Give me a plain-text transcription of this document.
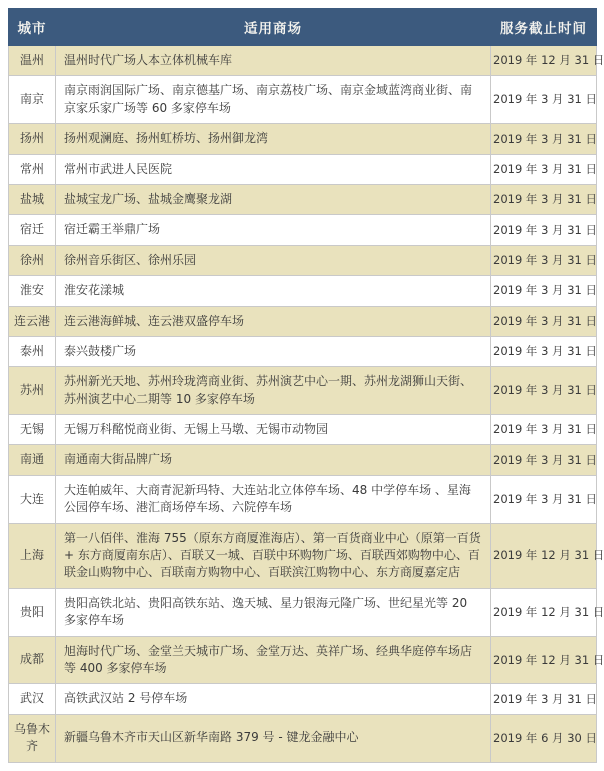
城市	适用商场	服务截止时间
温州	温州时代广场人本立体机械车库	2019 年 12 月 31 日
南京	南京雨润国际广场、南京德基广场、南京荔枝广场、南京金域蓝湾商业街、南京家乐家广场等 60 多家停车场	2019 年 3 月 31 日
扬州	扬州观澜庭、扬州虹桥坊、扬州御龙湾	2019 年 3 月 31 日
常州	常州市武进人民医院	2019 年 3 月 31 日
盐城	盐城宝龙广场、盐城金鹰聚龙湖	2019 年 3 月 31 日
宿迁	宿迁霸王举鼎广场	2019 年 3 月 31 日
徐州	徐州音乐街区、徐州乐园	2019 年 3 月 31 日
淮安	淮安花漾城	2019 年 3 月 31 日
连云港	连云港海鲜城、连云港双盛停车场	2019 年 3 月 31 日
泰州	泰兴鼓楼广场	2019 年 3 月 31 日
苏州	苏州新光天地、苏州玲珑湾商业街、苏州演艺中心一期、苏州龙湖狮山天街、苏州演艺中心二期等 10 多家停车场	2019 年 3 月 31 日
无锡	无锡万科酩悦商业街、无锡上马墩、无锡市动物园	2019 年 3 月 31 日
南通	南通南大街品牌广场	2019 年 3 月 31 日
大连	大连帕威年、大商青泥新玛特、大连站北立体停车场、48 中学停车场 、星海公园停车场、港汇商场停车场、六院停车场	2019 年 3 月 31 日
上海	第一八佰伴、淮海 755（原东方商厦淮海店）、第一百货商业中心（原第一百货 + 东方商厦南东店）、百联又一城、百联中环购物广场、百联西郊购物中心、百联金山购物中心、百联南方购物中心、百联滨江购物中心、东方商厦嘉定店	2019 年 12 月 31 日
贵阳	贵阳高铁北站、贵阳高铁东站、逸天城、星力银海元隆广场、世纪星光等 20 多家停车场	2019 年 12 月 31 日
成都	旭海时代广场、金堂兰天城市广场、金堂万达、英祥广场、经典华庭停车场店等 400 多家停车场	2019 年 12 月 31 日
武汉	高铁武汉站 2 号停车场	2019 年 3 月 31 日
乌鲁木齐	新疆乌鲁木齐市天山区新华南路 379 号 - 键龙金融中心	2019 年 6 月 30 日
